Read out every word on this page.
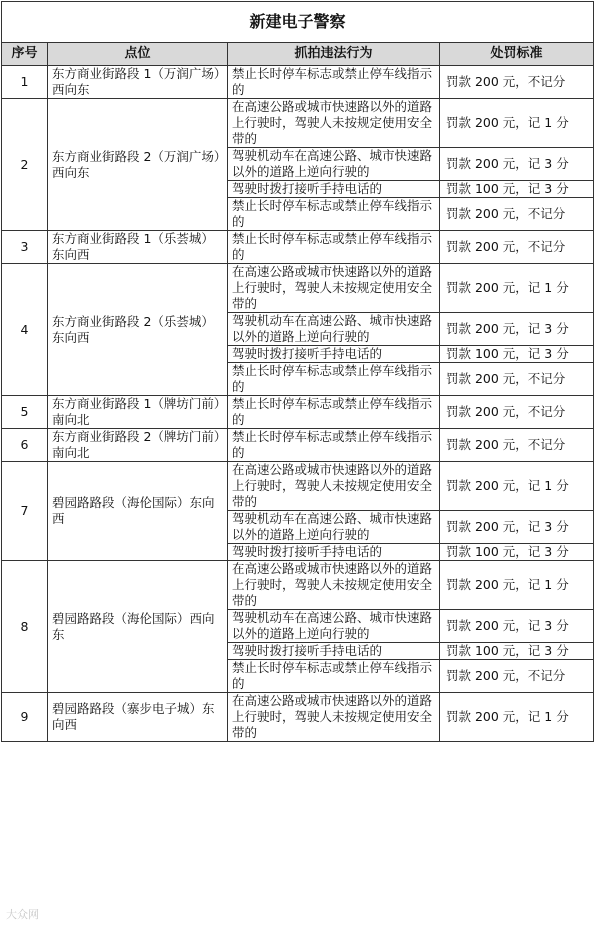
新建电子警察			
序号	点位	抓拍违法行为	处罚标准
1	东方商业街路段 1（万润广场）西向东	禁止长时停车标志或禁止停车线指示的	罚款 200 元，不记分
2	东方商业街路段 2（万润广场）西向东	在高速公路或城市快速路以外的道路上行驶时，驾驶人未按规定使用安全带的	罚款 200 元，记 1 分
		驾驶机动车在高速公路、城市快速路以外的道路上逆向行驶的	罚款 200 元，记 3 分
		驾驶时拨打接听手持电话的	罚款 100 元，记 3 分
		禁止长时停车标志或禁止停车线指示的	罚款 200 元，不记分
3	东方商业街路段 1（乐荟城）东向西	禁止长时停车标志或禁止停车线指示的	罚款 200 元，不记分
4	东方商业街路段 2（乐荟城）东向西	在高速公路或城市快速路以外的道路上行驶时，驾驶人未按规定使用安全带的	罚款 200 元，记 1 分
		驾驶机动车在高速公路、城市快速路以外的道路上逆向行驶的	罚款 200 元，记 3 分
		驾驶时拨打接听手持电话的	罚款 100 元，记 3 分
		禁止长时停车标志或禁止停车线指示的	罚款 200 元，不记分
5	东方商业街路段 1（牌坊门前）南向北	禁止长时停车标志或禁止停车线指示的	罚款 200 元，不记分
6	东方商业街路段 2（牌坊门前）南向北	禁止长时停车标志或禁止停车线指示的	罚款 200 元，不记分
7	碧园路路段（海伦国际）东向西	在高速公路或城市快速路以外的道路上行驶时，驾驶人未按规定使用安全带的	罚款 200 元，记 1 分
		驾驶机动车在高速公路、城市快速路以外的道路上逆向行驶的	罚款 200 元，记 3 分
		驾驶时拨打接听手持电话的	罚款 100 元，记 3 分
8	碧园路路段（海伦国际）西向东	在高速公路或城市快速路以外的道路上行驶时，驾驶人未按规定使用安全带的	罚款 200 元，记 1 分
		驾驶机动车在高速公路、城市快速路以外的道路上逆向行驶的	罚款 200 元，记 3 分
		驾驶时拨打接听手持电话的	罚款 100 元，记 3 分
		禁止长时停车标志或禁止停车线指示的	罚款 200 元，不记分
9	碧园路路段（寨步电子城）东向西	在高速公路或城市快速路以外的道路上行驶时，驾驶人未按规定使用安全带的	罚款 200 元，记 1 分
大众网
